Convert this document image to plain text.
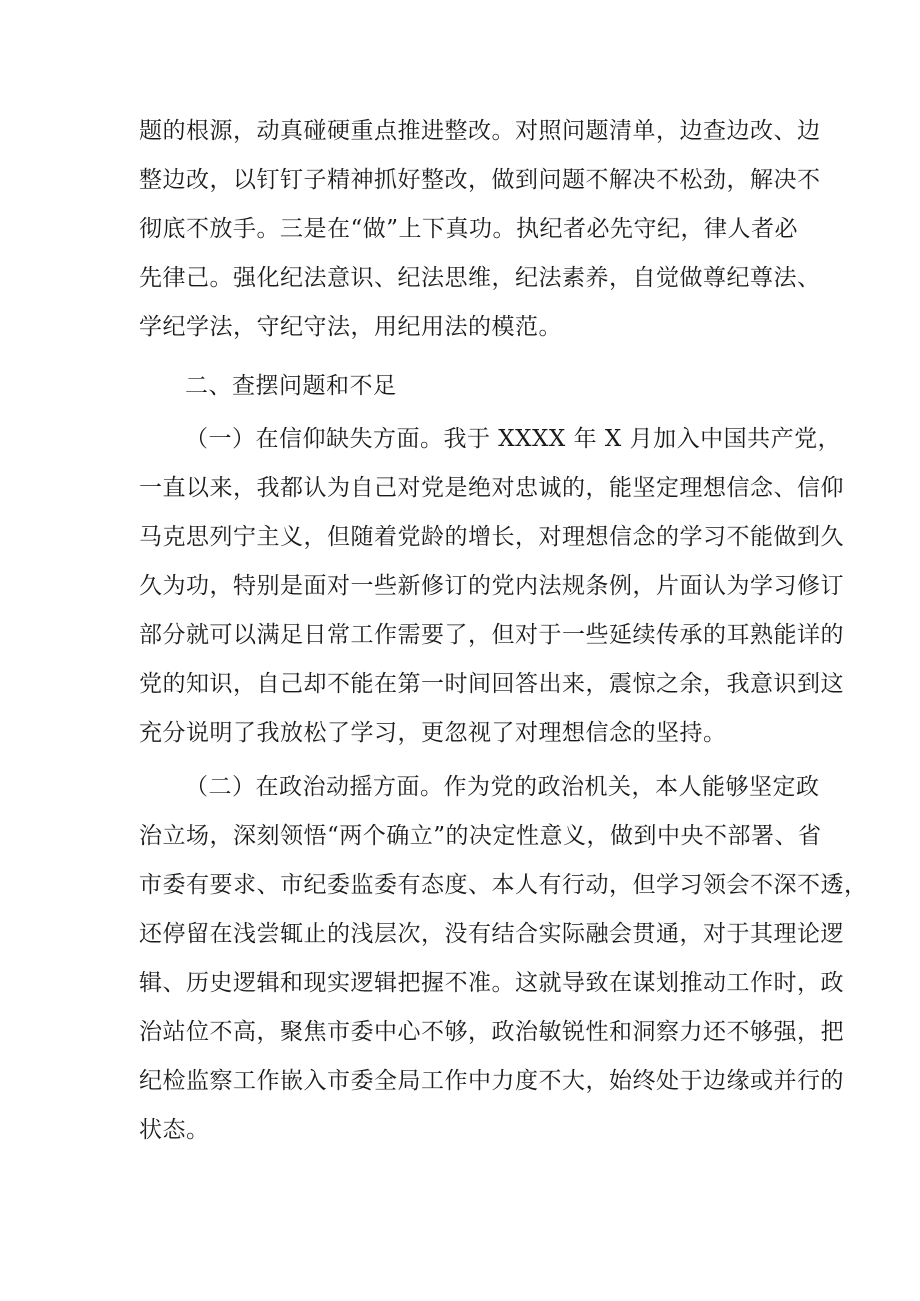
题的根源，动真碰硬重点推进整改。对照问题清单，边查边改、边

整边改，以钉钉子精神抓好整改，做到问题不解决不松劲，解决不

彻底不放手。三是在“做”上下真功。执纪者必先守纪，律人者必

先律己。强化纪法意识、纪法思维，纪法素养，自觉做尊纪尊法、

学纪学法，守纪守法，用纪用法的模范。

二、查摆问题和不足

（一）在信仰缺失方面。我于 XXXX 年 X 月加入中国共产党，

一直以来，我都认为自己对党是绝对忠诚的，能坚定理想信念、信仰

马克思列宁主义，但随着党龄的增长，对理想信念的学习不能做到久

久为功，特别是面对一些新修订的党内法规条例，片面认为学习修订

部分就可以满足日常工作需要了，但对于一些延续传承的耳熟能详的

党的知识，自己却不能在第一时间回答出来，震惊之余，我意识到这

充分说明了我放松了学习，更忽视了对理想信念的坚持。

（二）在政治动摇方面。作为党的政治机关，本人能够坚定政

治立场，深刻领悟“两个确立”的决定性意义，做到中央不部署、省

市委有要求、市纪委监委有态度、本人有行动，但学习领会不深不透，

还停留在浅尝辄止的浅层次，没有结合实际融会贯通，对于其理论逻

辑、历史逻辑和现实逻辑把握不准。这就导致在谋划推动工作时，政

治站位不高，聚焦市委中心不够，政治敏锐性和洞察力还不够强，把

纪检监察工作嵌入市委全局工作中力度不大，始终处于边缘或并行的

状态。
